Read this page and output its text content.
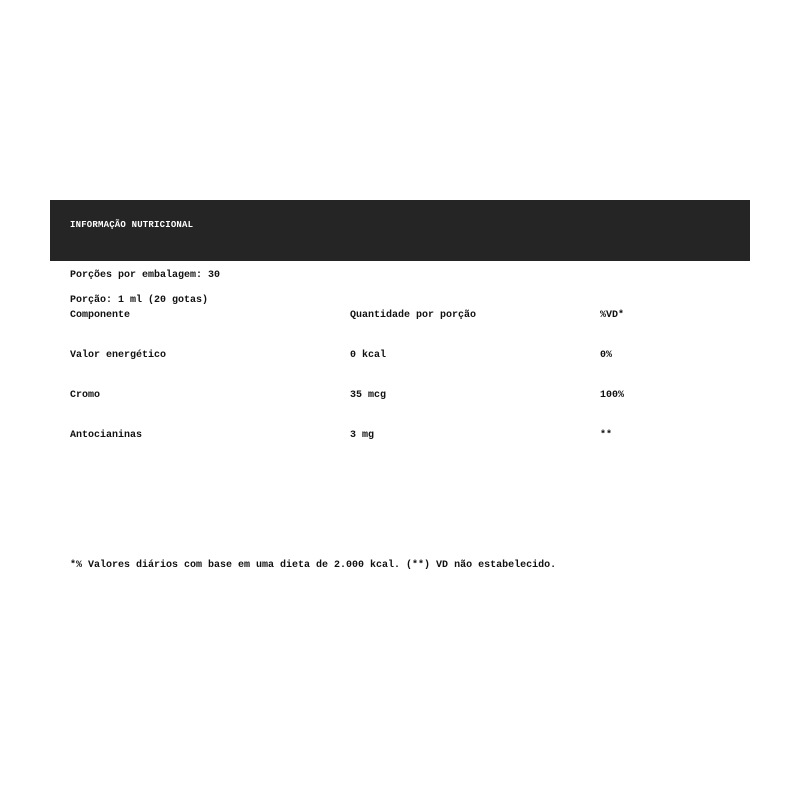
INFORMAÇÃO NUTRICIONAL
Porções por embalagem: 30
Porção: 1 ml (20 gotas)
Componente	Quantidade por porção	%VD*
Valor energético	0 kcal	0%
Cromo	35 mcg	100%
Antocianinas	3 mg	**
*% Valores diários com base em uma dieta de 2.000 kcal. (**) VD não estabelecido.
